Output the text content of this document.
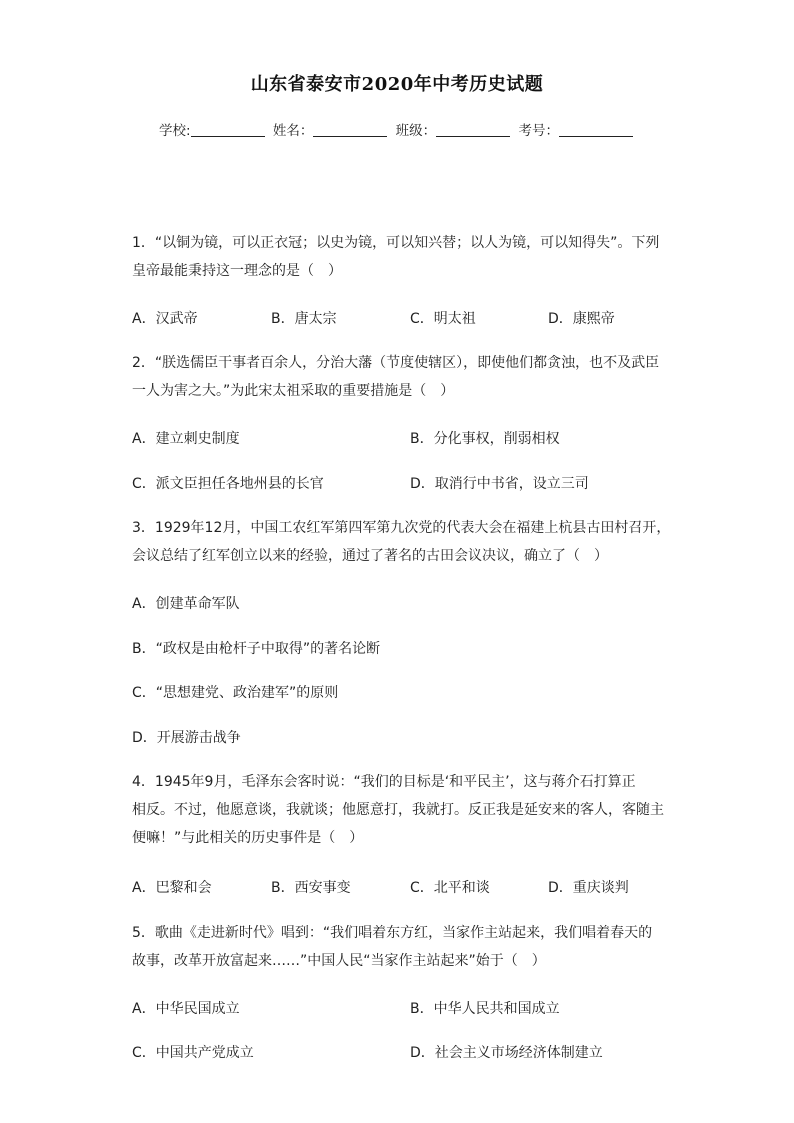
山东省泰安市2020年中考历史试题
学校:	姓名：	班级：	考号：
1．“以铜为镜，可以正衣冠；以史为镜，可以知兴替；以人为镜，可以知得失”。下列
皇帝最能秉持这一理念的是（　）
A．汉武帝	B．唐太宗	C．明太祖	D．康熙帝
2．“朕选儒臣干事者百余人，分治大藩（节度使辖区），即使他们都贪浊，也不及武臣
一人为害之大。”为此宋太祖采取的重要措施是（　）
A．建立刺史制度	B．分化事权，削弱相权
C．派文臣担任各地州县的长官	D．取消行中书省，设立三司
3．1929年12月，中国工农红军第四军第九次党的代表大会在福建上杭县古田村召开，
会议总结了红军创立以来的经验，通过了著名的古田会议决议，确立了（　）
A．创建革命军队
B．“政权是由枪杆子中取得”的著名论断
C．“思想建党、政治建军”的原则
D．开展游击战争
4．1945年9月，毛泽东会客时说：“我们的目标是‘和平民主’，这与蒋介石打算正
相反。不过，他愿意谈，我就谈；他愿意打，我就打。反正我是延安来的客人，客随主
便嘛！”与此相关的历史事件是（　）
A．巴黎和会	B．西安事变	C．北平和谈	D．重庆谈判
5．歌曲《走进新时代》唱到：“我们唱着东方红，当家作主站起来，我们唱着春天的
故事，改革开放富起来……”中国人民“当家作主站起来”始于（　）
A．中华民国成立	B．中华人民共和国成立
C．中国共产党成立	D．社会主义市场经济体制建立
